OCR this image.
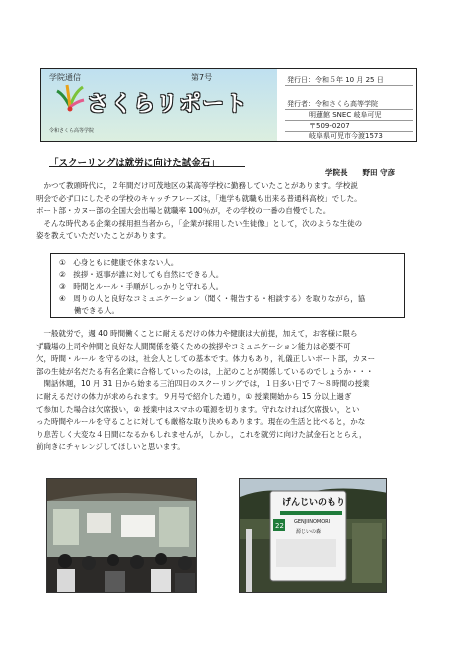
学院通信	第7号
さくらリポート
令和さくら高等学院
発行日：令和５年 10 月 25 日
発行者：令和さくら高等学院
明蓮館 SNEC 岐阜可児
〒509-0207
岐阜県可児市今渡1573
「スクーリングは就労に向けた試金石」
学院長　　野田 守彦
　かつて教頭時代に，２年間だけ可茂地区の某高等学校に勤務していたことがあります。学校説
明会で必ず口にしたその学校のキャッチフレーズは，「進学も就職も出来る普通科高校」でした。
ボート部・カヌー部の全国大会出場と就職率 100％が，その学校の一番の自慢でした。
　そんな時代ある企業の採用担当者から，「企業が採用したい生徒像」として，次のような生徒の
姿を教えていただいたことがあります。
①　心身ともに健康で休まない人。
②　挨拶・返事が誰に対しても自然にできる人。
③　時間とルール・手順がしっかりと守れる人。
④　周りの人と良好なコミュニケーション（聞く・報告する・相談する）を取りながら，協
　　働できる人。
　一般就労で，週 40 時間働くことに耐えるだけの体力や健康は大前提，加えて，お客様に限ら
ず職場の上司や仲間と良好な人間関係を築くための挨拶やコミュニケーション能力は必要不可
欠，時間・ルール を守るのは，社会人としての基本です。体力もあり，礼儀正しいボート部，カヌー
部の生徒が名だたる有名企業に合格していったのは，上記のことが関係しているのでしょうか・・・
　閑話休題，10 月 31 日から始まる三泊四日のスクーリングでは，１日多い日で７～８時間の授業
に耐えるだけの体力が求められます。９月号で紹介した通り，① 授業開始から 15 分以上過ぎ
て参加した場合は欠席扱い，② 授業中はスマホの電源を切ります。守れなければ欠席扱い，とい
った時間やルールを守ることに対しても厳格な取り決めもあります。現在の生活と比べると，かな
り息苦しく大変な４日間になるかもしれませんが，しかし，これを就労に向けた試金石ととらえ，
前向きにチャレンジしてほしいと思います。
22
げんじいのもり
GENJIINOMORI
源じいの森
